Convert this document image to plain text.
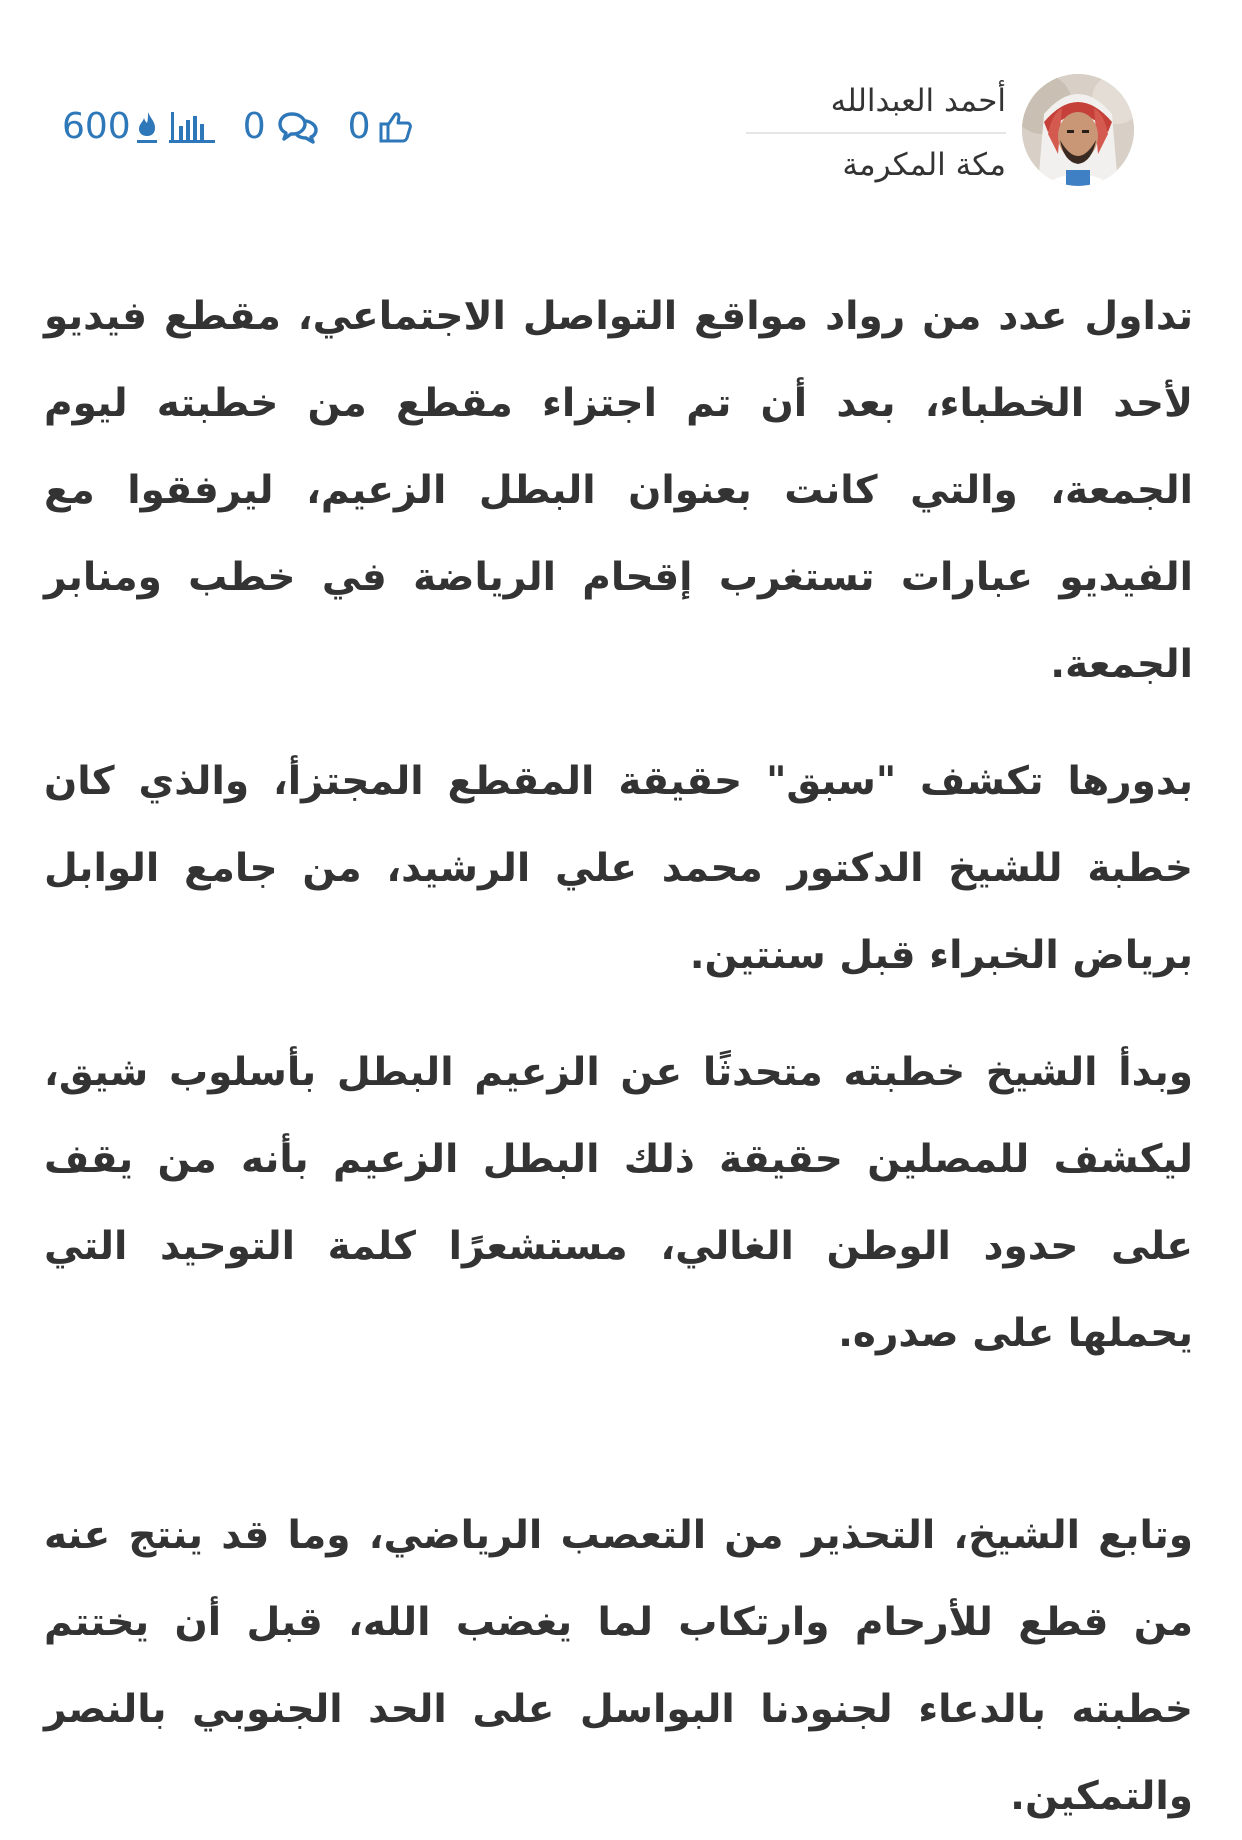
أحمد العبدالله
مكة المكرمة
600	0 0

تداول عدد من رواد مواقع التواصل الاجتماعي، مقطع فيديو لأحد الخطباء، بعد أن تم اجتزاء مقطع من خطبته ليوم الجمعة، والتي كانت بعنوان البطل الزعيم، ليرفقوا مع الفيديو عبارات تستغرب إقحام الرياضة في خطب ومنابر الجمعة.

بدورها تكشف "سبق" حقيقة المقطع المجتزأ، والذي كان خطبة للشيخ الدكتور محمد علي الرشيد، من جامع الوابل برياض الخبراء قبل سنتين.

وبدأ الشيخ خطبته متحدثًا عن الزعيم البطل بأسلوب شيق، ليكشف للمصلين حقيقة ذلك البطل الزعيم بأنه من يقف على حدود الوطن الغالي، مستشعرًا كلمة التوحيد التي يحملها على صدره.

وتابع الشيخ، التحذير من التعصب الرياضي، وما قد ينتج عنه من قطع للأرحام وارتكاب لما يغضب الله، قبل أن يختتم خطبته بالدعاء لجنودنا البواسل على الحد الجنوبي بالنصر والتمكين.
